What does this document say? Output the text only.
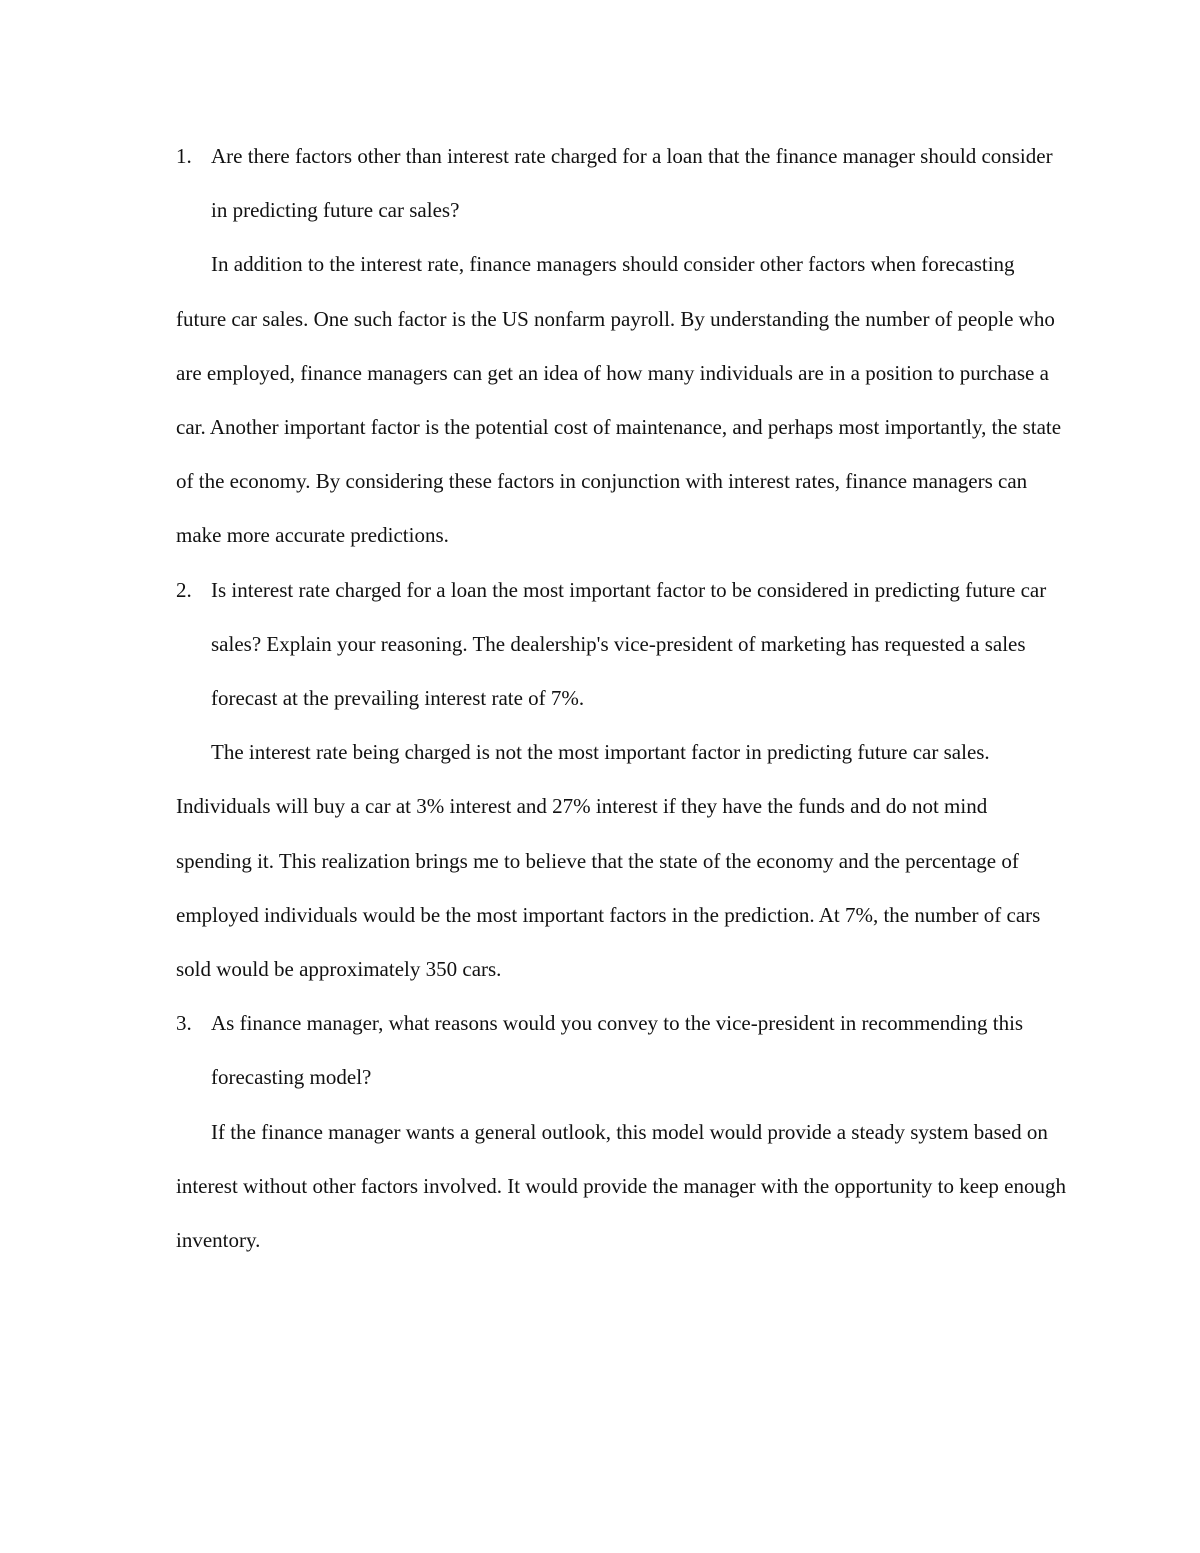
1. Are there factors other than interest rate charged for a loan that the finance manager should consider in predicting future car sales?

In addition to the interest rate, finance managers should consider other factors when forecasting future car sales. One such factor is the US nonfarm payroll. By understanding the number of people who are employed, finance managers can get an idea of how many individuals are in a position to purchase a car. Another important factor is the potential cost of maintenance, and perhaps most importantly, the state of the economy. By considering these factors in conjunction with interest rates, finance managers can make more accurate predictions.

2. Is interest rate charged for a loan the most important factor to be considered in predicting future car sales? Explain your reasoning. The dealership's vice-president of marketing has requested a sales forecast at the prevailing interest rate of 7%.

The interest rate being charged is not the most important factor in predicting future car sales. Individuals will buy a car at 3% interest and 27% interest if they have the funds and do not mind spending it. This realization brings me to believe that the state of the economy and the percentage of employed individuals would be the most important factors in the prediction. At 7%, the number of cars sold would be approximately 350 cars.

3. As finance manager, what reasons would you convey to the vice-president in recommending this forecasting model?

If the finance manager wants a general outlook, this model would provide a steady system based on interest without other factors involved. It would provide the manager with the opportunity to keep enough inventory.
